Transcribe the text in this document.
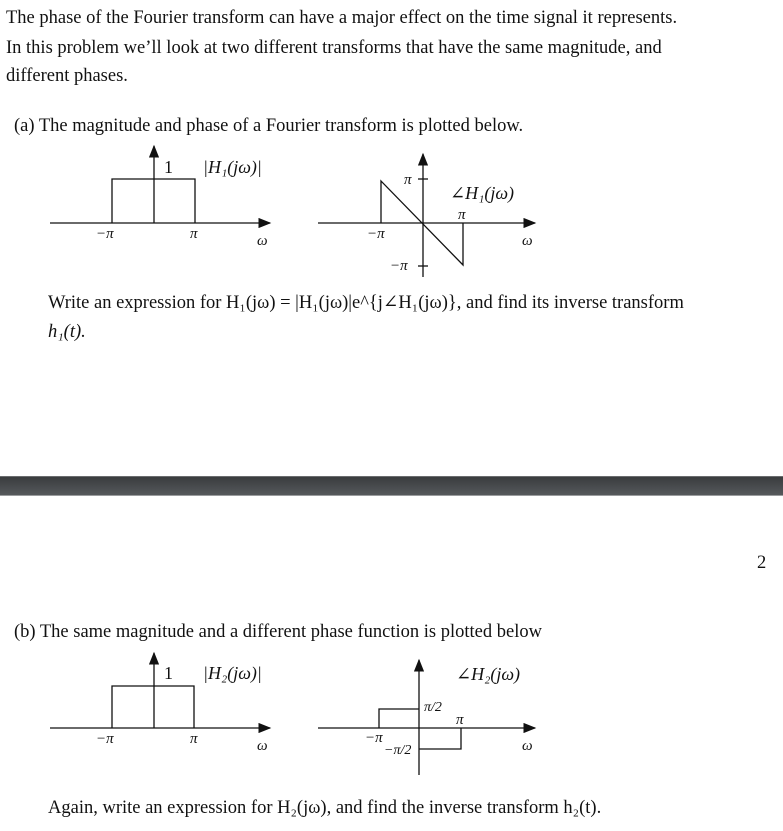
The phase of the Fourier transform can have a major effect on the time signal it represents.
In this problem we’ll look at two different transforms that have the same magnitude, and
different phases.
(a) The magnitude and phase of a Fourier transform is plotted below.
Write an expression for H₁(jω) = |H₁(jω)|e^{j∠H₁(jω)}, and find its inverse transform
h₁(t).
2
(b) The same magnitude and a different phase function is plotted below
Again, write an expression for H₂(jω), and find the inverse transform h₂(t).
1 |H₁(jω)|
−π	π	ω
π
−π
−π
π
∠H₁(jω)
ω
1 |H₂(jω)|
−π	π	ω
π/2
−π/2
−π
π
∠H₂(jω)
ω
